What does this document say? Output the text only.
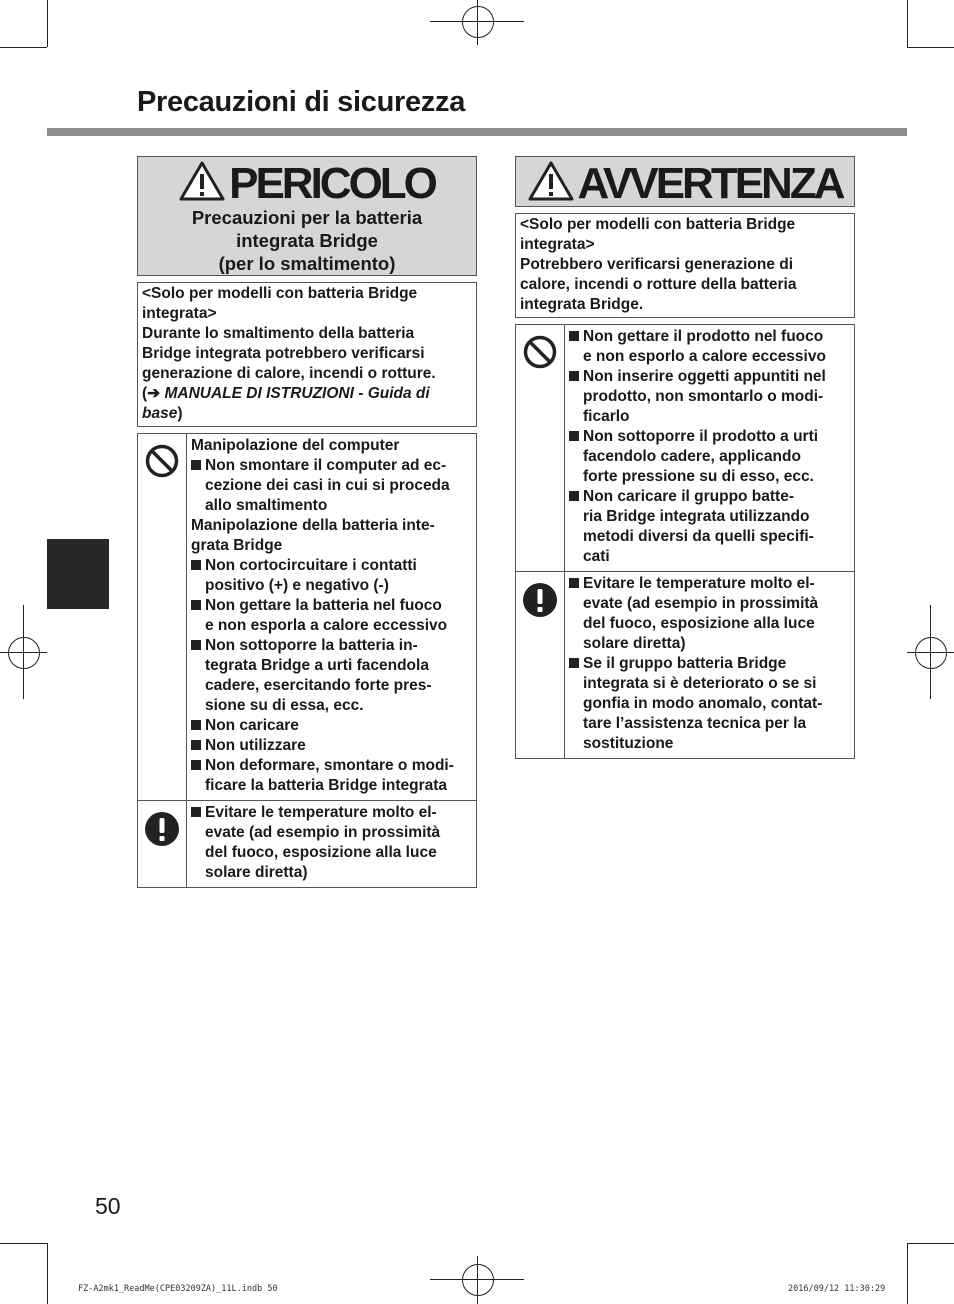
Precauzioni di sicurezza
PERICOLO
Precauzioni per la batteria
integrata Bridge
(per lo smaltimento)
<Solo per modelli con batteria Bridge
integrata>
Durante lo smaltimento della batteria
Bridge integrata potrebbero verificarsi
generazione di calore, incendi o rotture.
(➔ MANUALE DI ISTRUZIONI - Guida di
base)
Manipolazione del computer
Non smontare il computer ad ec-
cezione dei casi in cui si proceda
allo smaltimento
Manipolazione della batteria inte-
grata Bridge
Non cortocircuitare i contatti
positivo (+) e negativo (-)
Non gettare la batteria nel fuoco
e non esporla a calore eccessivo
Non sottoporre la batteria in-
tegrata Bridge a urti facendola
cadere, esercitando forte pres-
sione su di essa, ecc.
Non caricare
Non utilizzare
Non deformare, smontare o modi-
ficare la batteria Bridge integrata
Evitare le temperature molto el-
evate (ad esempio in prossimità
del fuoco, esposizione alla luce
solare diretta)
AVVERTENZA
<Solo per modelli con batteria Bridge
integrata>
Potrebbero verificarsi generazione di
calore, incendi o rotture della batteria
integrata Bridge.
Non gettare il prodotto nel fuoco
e non esporlo a calore eccessivo
Non inserire oggetti appuntiti nel
prodotto, non smontarlo o modi-
ficarlo
Non sottoporre il prodotto a urti
facendolo cadere, applicando
forte pressione su di esso, ecc.
Non caricare il gruppo batte-
ria Bridge integrata utilizzando
metodi diversi da quelli specifi-
cati
Evitare le temperature molto el-
evate (ad esempio in prossimità
del fuoco, esposizione alla luce
solare diretta)
Se il gruppo batteria Bridge
integrata si è deteriorato o se si
gonfia in modo anomalo, contat-
tare l’assistenza tecnica per la
sostituzione
50
FZ-A2mk1_ReadMe(CPE03209ZA)_11L.indb 50	2016/09/12 11:30:29
